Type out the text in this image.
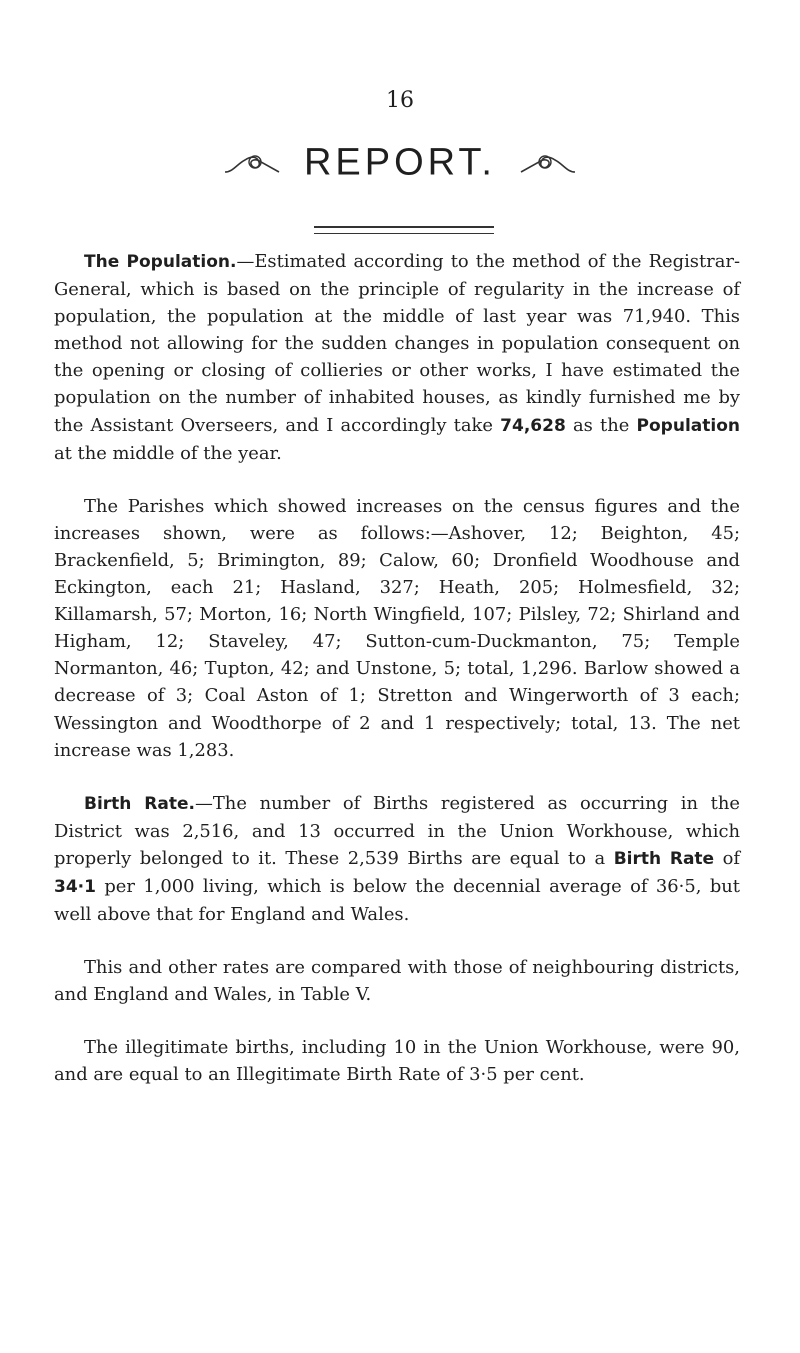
16
REPORT.

The Population.—Estimated according to the method of the Registrar-General, which is based on the principle of regularity in the increase of population, the population at the middle of last year was 71,940. This method not allowing for the sudden changes in population consequent on the opening or closing of collieries or other works, I have estimated the population on the number of inhabited houses, as kindly furnished me by the Assistant Overseers, and I accordingly take 74,628 as the Population at the middle of the year.

The Parishes which showed increases on the census figures and the increases shown, were as follows:—Ashover, 12; Beighton, 45; Brackenfield, 5; Brimington, 89; Calow, 60; Dronfield Woodhouse and Eckington, each 21; Hasland, 327; Heath, 205; Holmesfield, 32; Killamarsh, 57; Morton, 16; North Wingfield, 107; Pilsley, 72; Shirland and Higham, 12; Staveley, 47; Sutton-cum-Duckmanton, 75; Temple Normanton, 46; Tupton, 42; and Unstone, 5; total, 1,296. Barlow showed a decrease of 3; Coal Aston of 1; Stretton and Wingerworth of 3 each; Wessington and Woodthorpe of 2 and 1 respectively; total, 13. The net increase was 1,283.

Birth Rate.—The number of Births registered as occurring in the District was 2,516, and 13 occurred in the Union Workhouse, which properly belonged to it. These 2,539 Births are equal to a Birth Rate of 34·1 per 1,000 living, which is below the decennial average of 36·5, but well above that for England and Wales.

This and other rates are compared with those of neighbouring districts, and England and Wales, in Table V.

The illegitimate births, including 10 in the Union Workhouse, were 90, and are equal to an Illegitimate Birth Rate of 3·5 per cent.
